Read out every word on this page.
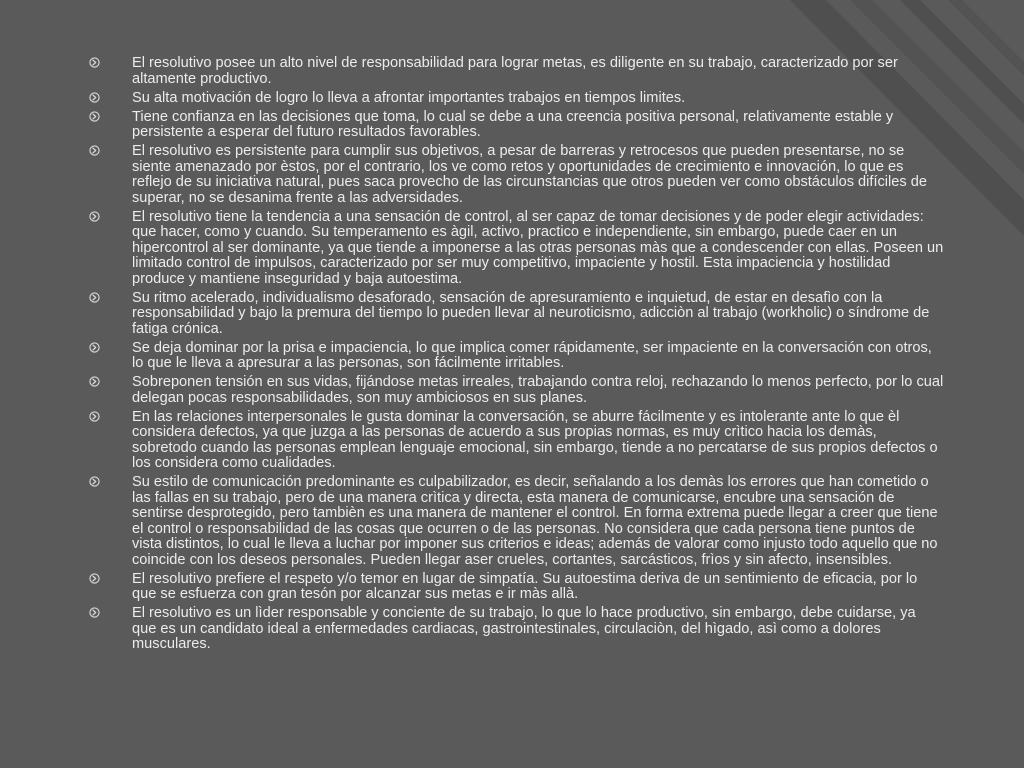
El resolutivo posee un alto nivel de responsabilidad para lograr metas, es diligente en su trabajo, caracterizado por ser altamente productivo.
Su alta motivación de logro lo lleva a afrontar importantes trabajos en tiempos limites.
Tiene confianza en las decisiones que toma, lo cual se debe a una creencia positiva personal, relativamente estable y persistente a esperar del futuro resultados favorables.
El resolutivo es persistente para cumplir sus objetivos, a pesar de barreras y retrocesos que pueden presentarse, no se siente amenazado por èstos, por el contrario, los ve como retos y oportunidades de crecimiento e innovación, lo que es reflejo de su iniciativa natural, pues saca provecho de las circunstancias que otros pueden ver como obstáculos difíciles de superar, no se desanima frente a las adversidades.
El resolutivo tiene la tendencia a una sensación de control, al ser capaz de tomar decisiones y de poder elegir actividades: que hacer, como y cuando. Su temperamento es àgil, activo, practico e independiente, sin embargo, puede caer en un hipercontrol al ser dominante, ya que tiende a imponerse a las otras personas màs que a condescender con ellas. Poseen un limitado control de impulsos, caracterizado por ser muy competitivo, impaciente y hostil. Esta impaciencia y hostilidad produce y mantiene inseguridad y baja autoestima.
Su ritmo acelerado, individualismo desaforado, sensación de apresuramiento e inquietud, de estar en desafìo con la responsabilidad y bajo la premura del tiempo lo pueden llevar al neuroticismo, adicciòn al trabajo (workholic) o síndrome de fatiga crónica.
Se deja dominar por la prisa e impaciencia, lo que implica comer rápidamente, ser impaciente en la conversación con otros, lo que le lleva a apresurar a las personas, son fácilmente irritables.
Sobreponen tensión en sus vidas, fijándose metas irreales, trabajando contra reloj, rechazando lo menos perfecto, por lo cual delegan pocas responsabilidades, son muy ambiciosos en sus planes.
En las relaciones interpersonales le gusta dominar la conversación, se aburre fácilmente y es intolerante ante lo que èl considera defectos, ya que juzga a las personas de acuerdo a sus propias normas, es muy crìtico hacia los demàs, sobretodo cuando las personas emplean lenguaje emocional, sin embargo, tiende a no percatarse de sus propios defectos o los considera como cualidades.
Su estilo de comunicación predominante es culpabilizador, es decir, señalando a los demàs los errores que han cometido o las fallas en su trabajo, pero de una manera crìtica y directa, esta manera de comunicarse, encubre una sensación de sentirse desprotegido, pero tambièn es una manera de mantener el control. En forma extrema puede llegar a creer que tiene el control o responsabilidad de las cosas que ocurren o de las personas. No considera que cada persona tiene puntos de vista distintos, lo cual le lleva a luchar por imponer sus criterios e ideas; además de valorar como injusto todo aquello que no coincide con los deseos personales. Pueden llegar aser crueles, cortantes, sarcásticos, frìos y sin afecto, insensibles.
El resolutivo prefiere el respeto y/o temor en lugar de simpatía. Su autoestima deriva de un sentimiento de eficacia, por lo que se esfuerza con gran tesón por alcanzar sus metas e ir màs allà.
El resolutivo es un lìder responsable y conciente de su trabajo, lo que lo hace productivo, sin embargo, debe cuidarse, ya que es un candidato ideal a enfermedades cardiacas, gastrointestinales, circulaciòn, del hìgado, asì como a dolores musculares.
